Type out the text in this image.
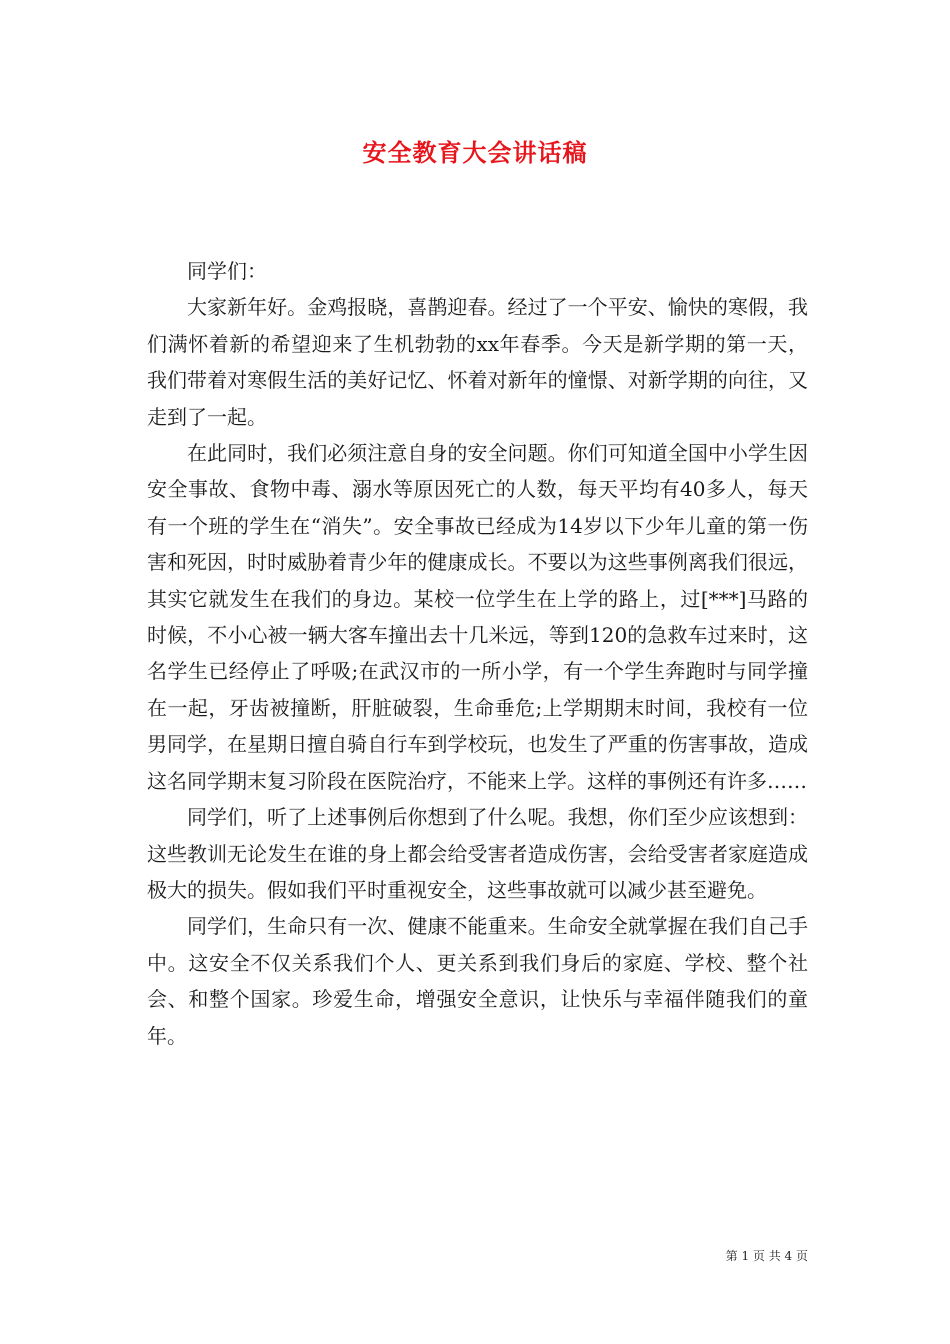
安全教育大会讲话稿

同学们：

大家新年好。金鸡报晓，喜鹊迎春。经过了一个平安、愉快的寒假，我们满怀着新的希望迎来了生机勃勃的xx年春季。今天是新学期的第一天，我们带着对寒假生活的美好记忆、怀着对新年的憧憬、对新学期的向往，又走到了一起。

在此同时，我们必须注意自身的安全问题。你们可知道全国中小学生因安全事故、食物中毒、溺水等原因死亡的人数，每天平均有40多人，每天有一个班的学生在“消失”。安全事故已经成为14岁以下少年儿童的第一伤害和死因，时时威胁着青少年的健康成长。不要以为这些事例离我们很远，其实它就发生在我们的身边。某校一位学生在上学的路上，过[***]马路的时候，不小心被一辆大客车撞出去十几米远，等到120的急救车过来时，这名学生已经停止了呼吸;在武汉市的一所小学，有一个学生奔跑时与同学撞在一起，牙齿被撞断，肝脏破裂，生命垂危;上学期期末时间，我校有一位男同学，在星期日擅自骑自行车到学校玩，也发生了严重的伤害事故，造成这名同学期末复习阶段在医院治疗，不能来上学。这样的事例还有许多……

同学们，听了上述事例后你想到了什么呢。我想，你们至少应该想到：这些教训无论发生在谁的身上都会给受害者造成伤害，会给受害者家庭造成极大的损失。假如我们平时重视安全，这些事故就可以减少甚至避免。

同学们，生命只有一次、健康不能重来。生命安全就掌握在我们自己手中。这安全不仅关系我们个人、更关系到我们身后的家庭、学校、整个社会、和整个国家。珍爱生命，增强安全意识，让快乐与幸福伴随我们的童年。

第 1 页 共 4 页
